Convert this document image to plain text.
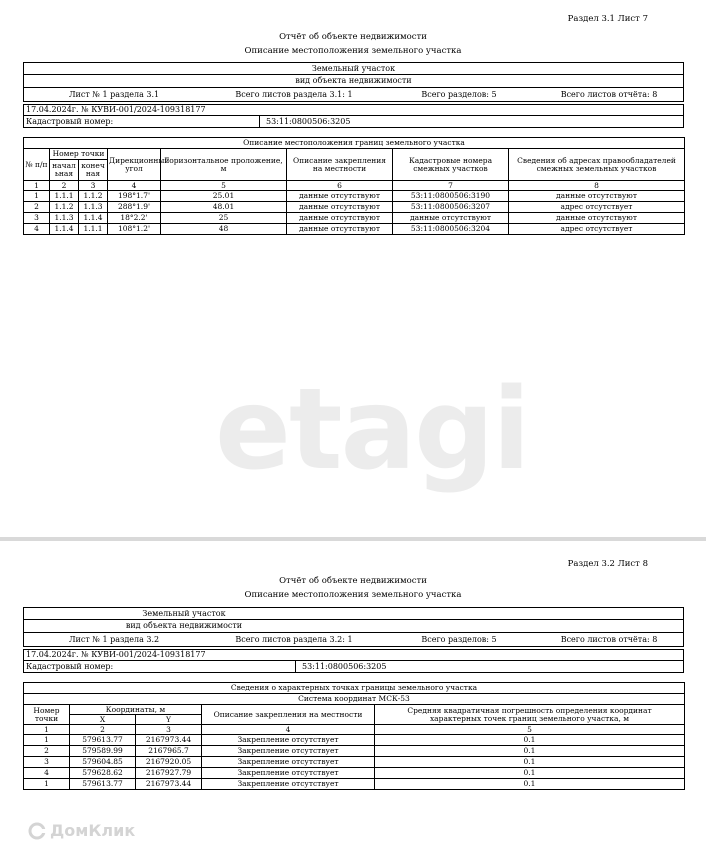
Раздел 3.1 Лист 7
Отчёт об объекте недвижимости
Описание местоположения земельного участка
Земельный участок
вид объекта недвижимости
Лист № 1 раздела 3.1	Всего листов раздела 3.1: 1	Всего разделов: 5	Всего листов отчёта: 8
17.04.2024г. № КУВИ-001/2024-109318177
Кадастровый номер:	53:11:0800506:3205
Описание местоположения границ земельного участка							
№ п/п	Номер точки		Дирекционный угол	Горизонтальное проложение, м	Описание закрепления на местности	Кадастровые номера смежных участков	Сведения об адресах правообладателей смежных земельных участков
	начальная	конечная					
1	2	3	4	5	6	7	8
1	1.1.1	1.1.2	198°1.7'	25.01	данные отсутствуют	53:11:0800506:3190	данные отсутствуют
2	1.1.2	1.1.3	288°1.9'	48.01	данные отсутствуют	53:11:0800506:3207	адрес отсутствует
3	1.1.3	1.1.4	18°2.2'	25	данные отсутствуют	данные отсутствуют	данные отсутствуют
4	1.1.4	1.1.1	108°1.2'	48	данные отсутствуют	53:11:0800506:3204	адрес отсутствует
etagi
Раздел 3.2 Лист 8
Отчёт об объекте недвижимости
Описание местоположения земельного участка
Земельный участок
вид объекта недвижимости
Лист № 1 раздела 3.2	Всего листов раздела 3.2: 1	Всего разделов: 5	Всего листов отчёта: 8
17.04.2024г. № КУВИ-001/2024-109318177
Кадастровый номер:	53:11:0800506:3205
Сведения о характерных точках границы земельного участка				
Система координат МСК-53				
Номер точки	Координаты, м		Описание закрепления на местности	Средняя квадратичная погрешность определения координат характерных точек границ земельного участка, м
	X	Y		
1	2	3	4	5
1	579613.77	2167973.44	Закрепление отсутствует	0.1
2	579589.99	2167965.7	Закрепление отсутствует	0.1
3	579604.85	2167920.05	Закрепление отсутствует	0.1
4	579628.62	2167927.79	Закрепление отсутствует	0.1
1	579613.77	2167973.44	Закрепление отсутствует	0.1
ДомКлик
